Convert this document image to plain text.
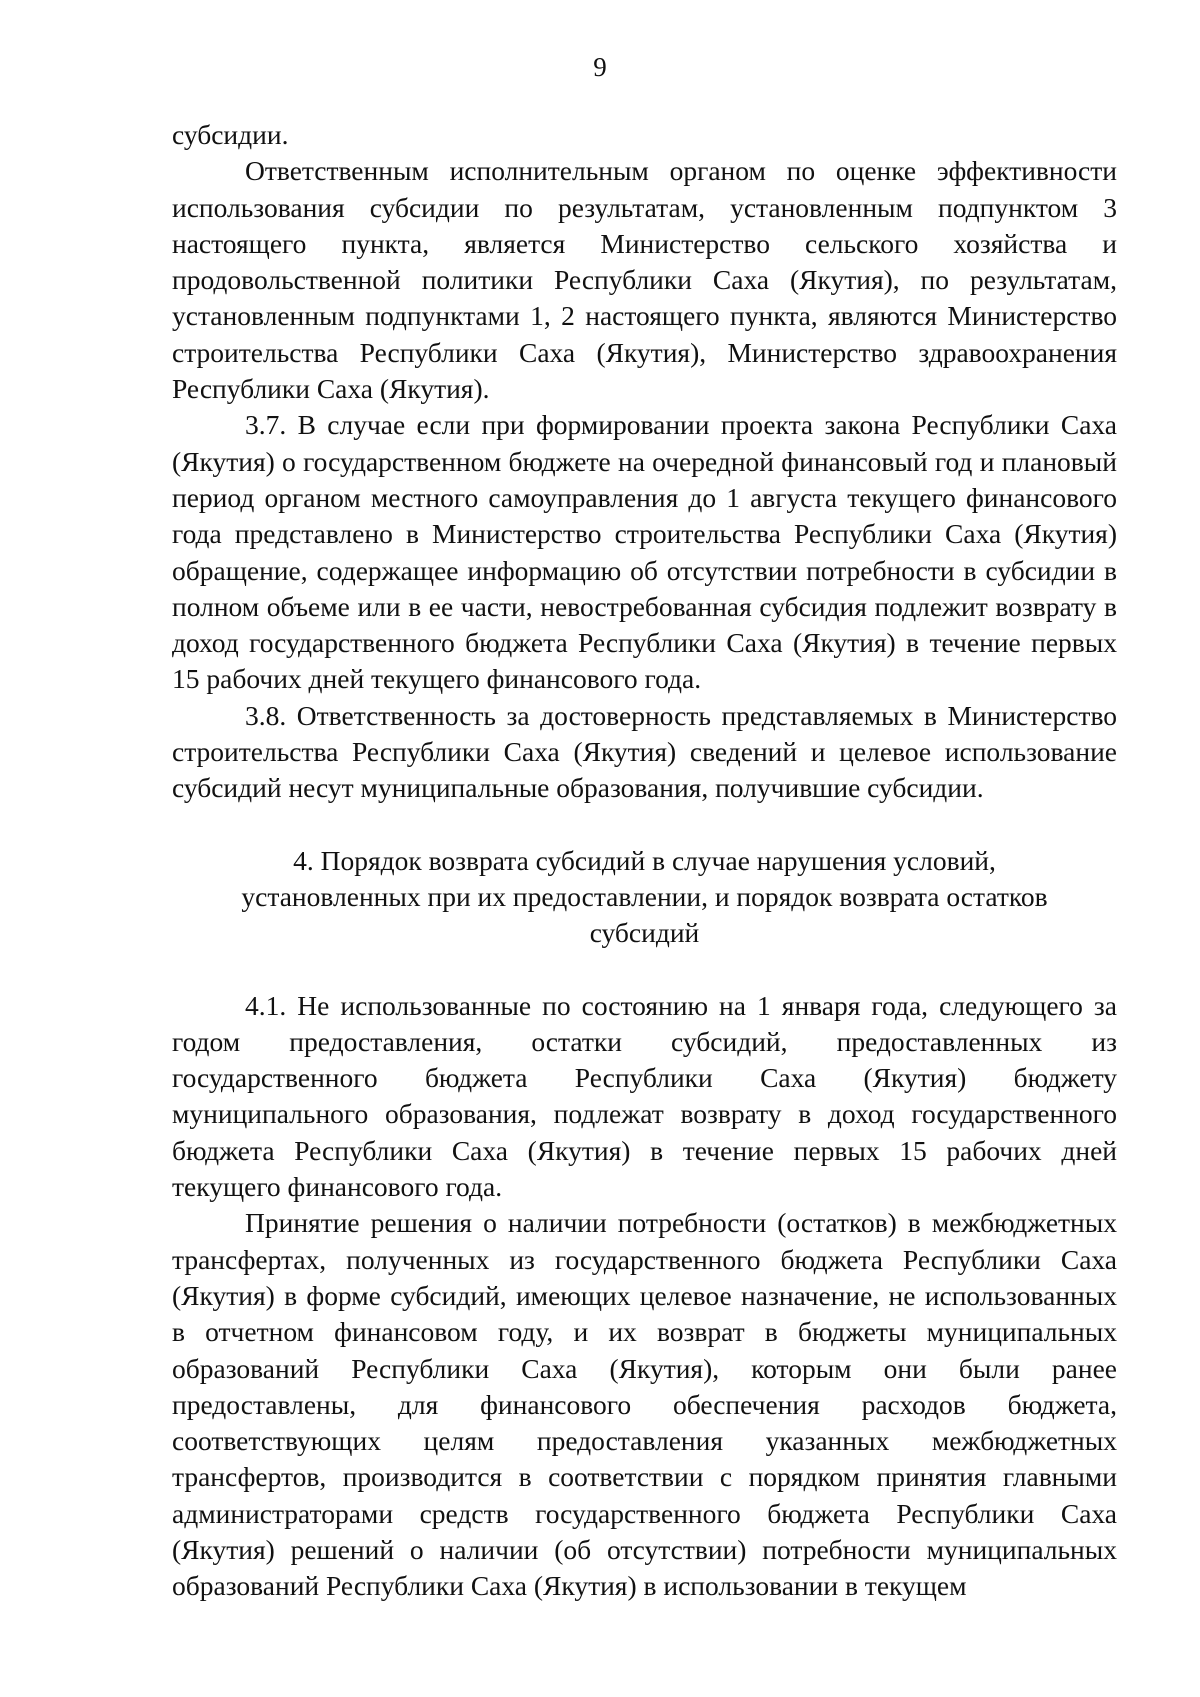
9

субсидии.

Ответственным исполнительным органом по оценке эффективности использования субсидии по результатам, установленным подпунктом 3 настоящего пункта, является Министерство сельского хозяйства и продовольственной политики Республики Саха (Якутия), по результатам, установленным подпунктами 1, 2 настоящего пункта, являются Министерство строительства Республики Саха (Якутия), Министерство здравоохранения Республики Саха (Якутия).

3.7. В случае если при формировании проекта закона Республики Саха (Якутия) о государственном бюджете на очередной финансовый год и плановый период органом местного самоуправления до 1 августа текущего финансового года представлено в Министерство строительства Республики Саха (Якутия) обращение, содержащее информацию об отсутствии потребности в субсидии в полном объеме или в ее части, невостребованная субсидия подлежит возврату в доход государственного бюджета Республики Саха (Якутия) в течение первых 15 рабочих дней текущего финансового года.

3.8. Ответственность за достоверность представляемых в Министерство строительства Республики Саха (Якутия) сведений и целевое использование субсидий несут муниципальные образования, получившие субсидии.

4. Порядок возврата субсидий в случае нарушения условий,
установленных при их предоставлении, и порядок возврата остатков
субсидий

4.1. Не использованные по состоянию на 1 января года, следующего за годом предоставления, остатки субсидий, предоставленных из государственного бюджета Республики Саха (Якутия) бюджету муниципального образования, подлежат возврату в доход государственного бюджета Республики Саха (Якутия) в течение первых 15 рабочих дней текущего финансового года.

Принятие решения о наличии потребности (остатков) в межбюджетных трансфертах, полученных из государственного бюджета Республики Саха (Якутия) в форме субсидий, имеющих целевое назначение, не использованных в отчетном финансовом году, и их возврат в бюджеты муниципальных образований Республики Саха (Якутия), которым они были ранее предоставлены, для финансового обеспечения расходов бюджета, соответствующих целям предоставления указанных межбюджетных трансфертов, производится в соответствии с порядком принятия главными администраторами средств государственного бюджета Республики Саха (Якутия) решений о наличии (об отсутствии) потребности муниципальных образований Республики Саха (Якутия) в использовании в текущем
